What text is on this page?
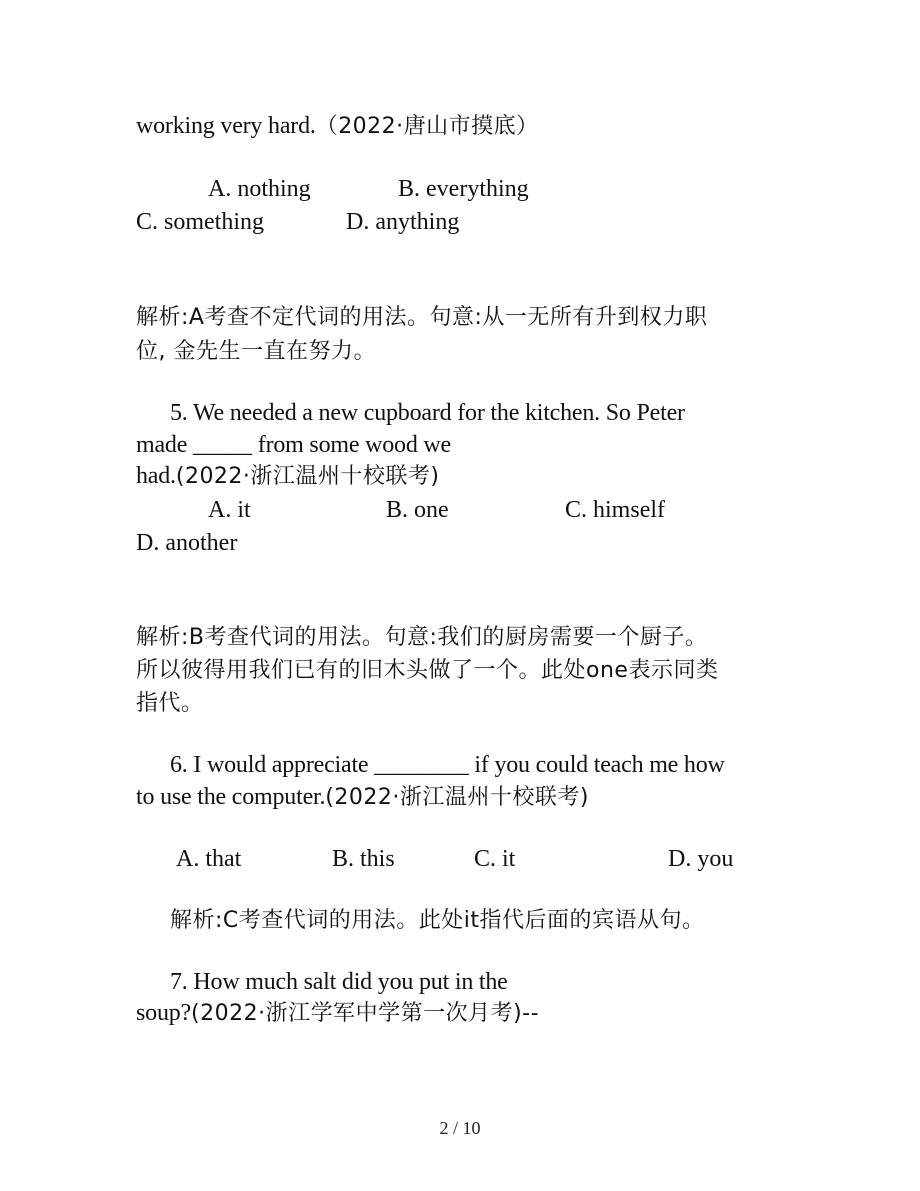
working very hard.（2022·唐山市摸底）
A. nothing	B. everything
C. something	D. anything
解析:A考查不定代词的用法。句意:从一无所有升到权力职
位, 金先生一直在努力。
5. We needed a new cupboard for the kitchen. So Peter
made _____ from some wood we
had.(2022·浙江温州十校联考)
A. it	B. one	C. himself
D. another
解析:B考查代词的用法。句意:我们的厨房需要一个厨子。
所以彼得用我们已有的旧木头做了一个。此处one表示同类
指代。
6. I would appreciate ________ if you could teach me how
to use the computer.(2022·浙江温州十校联考)
A. that	B. this	C. it	D. you
解析:C考查代词的用法。此处it指代后面的宾语从句。
7. How much salt did you put in the
soup?(2022·浙江学军中学第一次月考)--
2 / 10
